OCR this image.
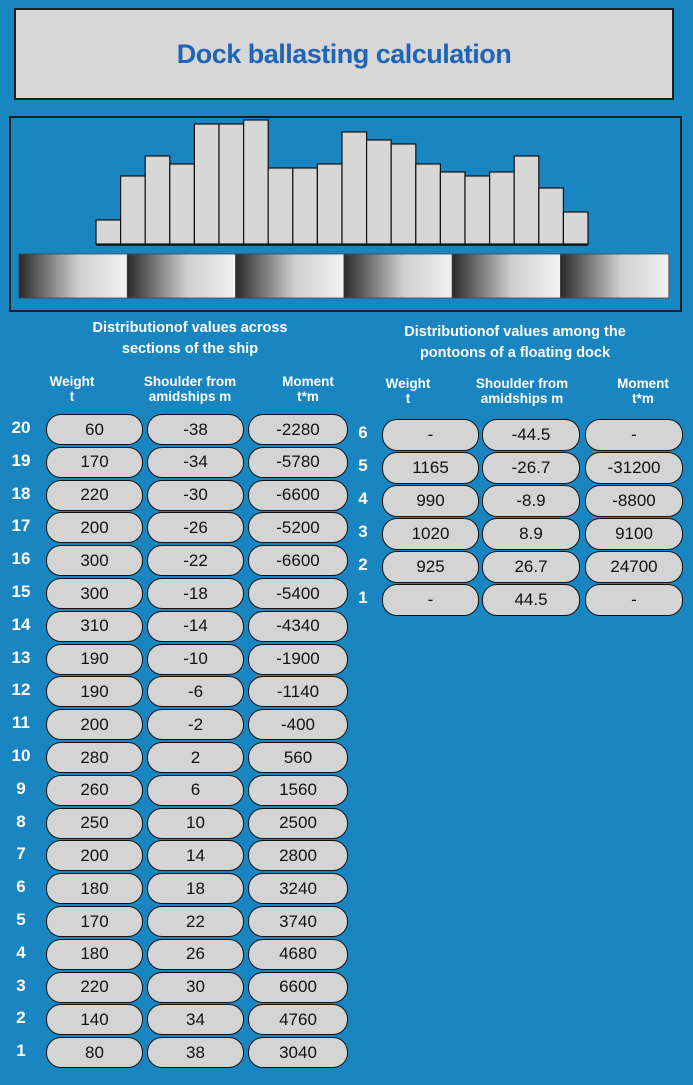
Dock ballasting calculation
Distributionof values across
sections of the ship
Distributionof values among the
pontoons of a floating dock
Weight
t
Shoulder from
amidships m
Moment
t*m
20	60	-38	-2280
19	170	-34	-5780
18	220	-30	-6600
17	200	-26	-5200
16	300	-22	-6600
15	300	-18	-5400
14	310	-14	-4340
13	190	-10	-1900
12	190	-6	-1140
11	200	-2	-400
10	280	2	560
9	260	6	1560
8	250	10	2500
7	200	14	2800
6	180	18	3240
5	170	22	3740
4	180	26	4680
3	220	30	6600
2	140	34	4760
1	80	38	3040
Weight
t
Shoulder from
amidships m
Moment
t*m
6	-	-44.5	-
5	1165	-26.7	-31200
4	990	-8.9	-8800
3	1020	8.9	9100
2	925	26.7	24700
1	-	44.5	-
